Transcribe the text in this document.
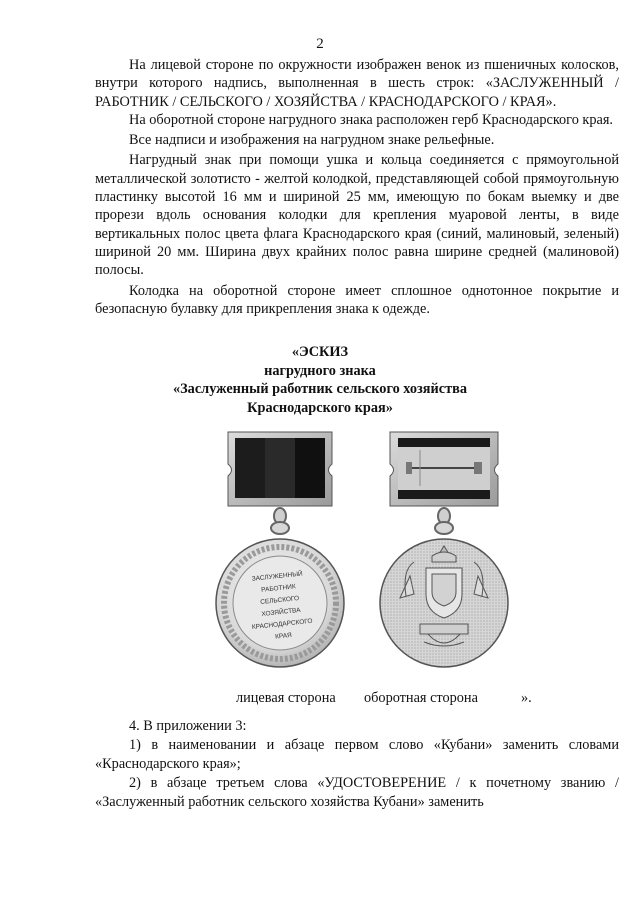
2

На лицевой стороне по окружности изображен венок из пшеничных колосков, внутри которого надпись, выполненная в шесть строк: «ЗАСЛУЖЕННЫЙ / РАБОТНИК / СЕЛЬСКОГО / ХОЗЯЙСТВА / КРАСНОДАРСКОГО / КРАЯ».

На оборотной стороне нагрудного знака расположен герб Краснодарского края.

Все надписи и изображения на нагрудном знаке рельефные.

Нагрудный знак при помощи ушка и кольца соединяется с прямоугольной металлической золотисто - желтой колодкой, представляющей собой прямоугольную пластинку высотой 16 мм и шириной 25 мм, имеющую по бокам выемку и две прорези вдоль основания колодки для крепления муаровой ленты, в виде вертикальных полос цвета флага Краснодарского края (синий, малиновый, зеленый) шириной 20 мм. Ширина двух крайних полос равна ширине средней (малиновой) полосы.

Колодка на оборотной стороне имеет сплошное однотонное покрытие и безопасную булавку для прикрепления знака к одежде.

«ЭСКИЗ
нагрудного знака
«Заслуженный работник сельского хозяйства
Краснодарского края»
ЗАСЛУЖЕННЫЙ
РАБОТНИК
СЕЛЬСКОГО
ХОЗЯЙСТВА
КРАСНОДАРСКОГО
КРАЯ
лицевая сторона оборотная сторона	».

4. В приложении 3:

1) в наименовании и абзаце первом слово «Кубани» заменить словами «Краснодарского края»;

2) в абзаце третьем слова «УДОСТОВЕРЕНИЕ / к почетному званию / «Заслуженный работник сельского хозяйства Кубани» заменить
